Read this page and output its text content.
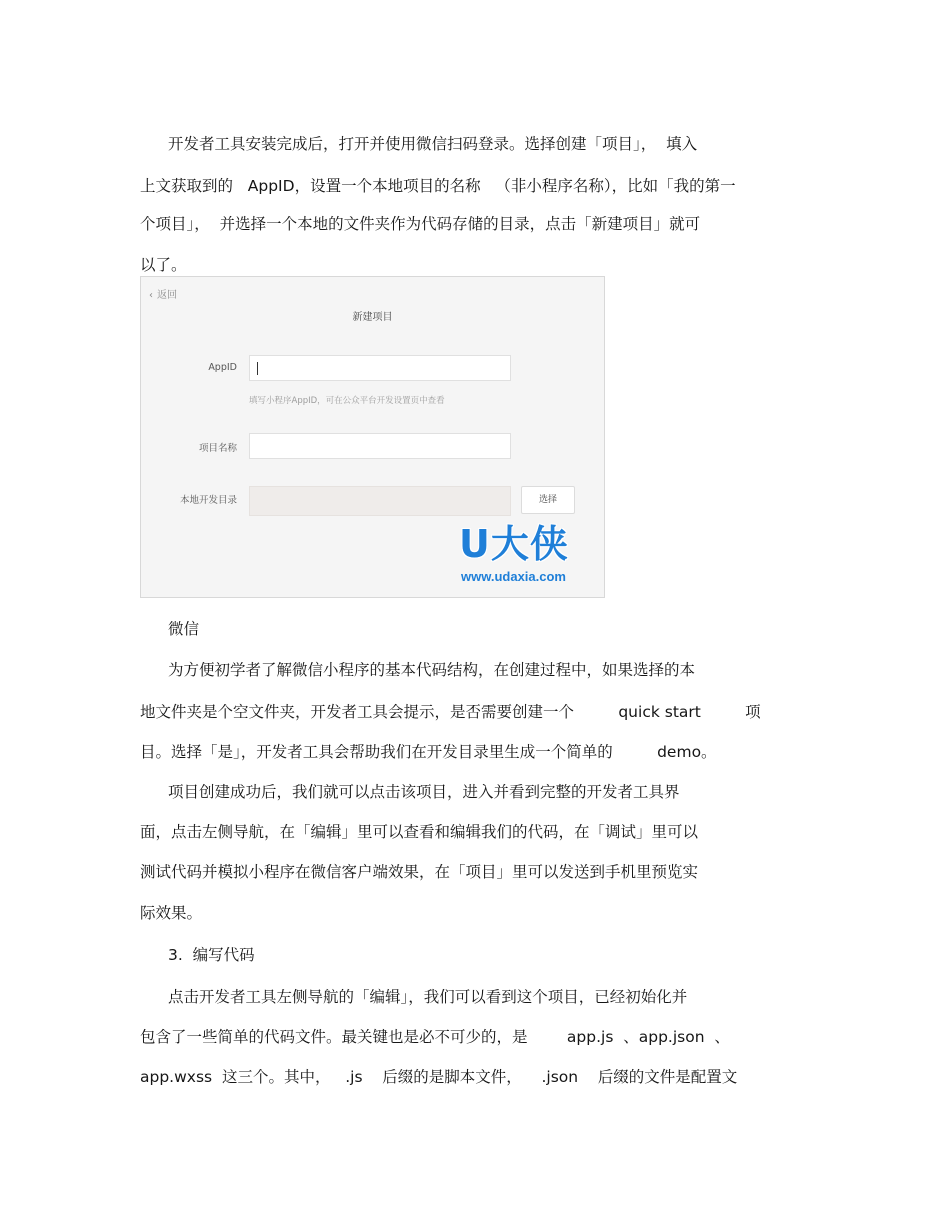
开发者工具安装完成后，打开并使用微信扫码登录。选择创建「项目」，  填入
上文获取到的   AppID，设置一个本地项目的名称   （非小程序名称），比如「我的第一
个项目」，  并选择一个本地的文件夹作为代码存储的目录，点击「新建项目」就可
以了。
‹ 返回
新建项目
AppID
填写小程序AppID，可在公众平台开发设置页中查看
项目名称
本地开发目录	选择
U大侠
www.udaxia.com
微信
为方便初学者了解微信小程序的基本代码结构，在创建过程中，如果选择的本
地文件夹是个空文件夹，开发者工具会提示，是否需要创建一个         quick start         项
目。选择「是」，开发者工具会帮助我们在开发目录里生成一个简单的         demo。
项目创建成功后，我们就可以点击该项目，进入并看到完整的开发者工具界
面，点击左侧导航，在「编辑」里可以查看和编辑我们的代码，在「调试」里可以
测试代码并模拟小程序在微信客户端效果，在「项目」里可以发送到手机里预览实
际效果。
3.  编写代码
点击开发者工具左侧导航的「编辑」，我们可以看到这个项目，已经初始化并
包含了一些简单的代码文件。最关键也是必不可少的，是        app.js  、app.json  、
app.wxss  这三个。其中，   .js    后缀的是脚本文件，    .json    后缀的文件是配置文
